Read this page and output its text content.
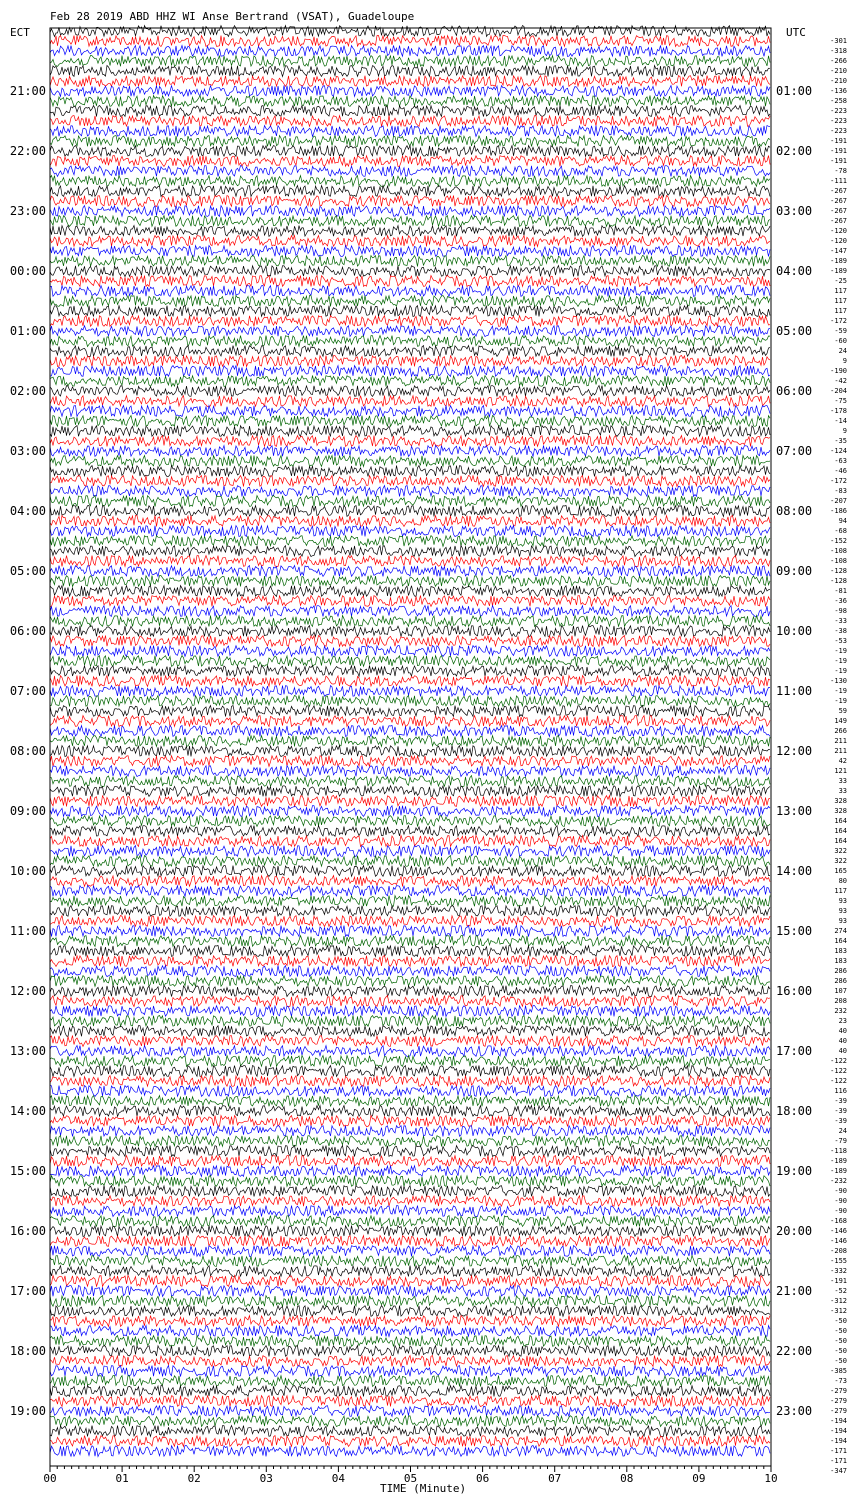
Feb 28 2019 ABD HHZ WI Anse Bertrand (VSAT), Guadeloupe
ECT	UTC
21:00
22:00
23:00
00:00
01:00
02:00
03:00
04:00
05:00
06:00
07:00
08:00
09:00
10:00
11:00
12:00
13:00
14:00
15:00
16:00
17:00
18:00
19:00
01:00
02:00
03:00
04:00
05:00
06:00
07:00
08:00
09:00
10:00
11:00
12:00
13:00
14:00
15:00
16:00
17:00
18:00
19:00
20:00
21:00
22:00
23:00
-301
-318
-266
-210
-210
-136
-258
-223
-223
-223
-191
-191
-191
-78
-111
-267
-267
-267
-267
-120
-120
-147
-189
-189
-25
117
117
117
-172
-59
-60
24
9
-190
-42
-204
-75
-178
-14
9
-35
-124
-63
-46
-172
-83
-207
-186
94
-68
-152
-108
-108
-128
-128
-81
-36
-98
-33
-38
-53
-19
-19
-19
-130
-19
-19
59
149
266
211
211
42
121
33
33
328
328
164
164
164
322
322
165
80
117
93
93
93
274
164
183
183
286
286
107
208
232
23
40
40
40
-122
-122
-122
116
-39
-39
-39
24
-79
-118
-189
-189
-232
-90
-90
-90
-168
-146
-146
-208
-155
-332
-191
-52
-312
-312
-50
-50
-50
-50
-50
-385
-73
-279
-279
-279
-194
-194
-194
-171
-171
-347
00	01	02	03	04	05	06	07	08	09	10
TIME (Minute)
